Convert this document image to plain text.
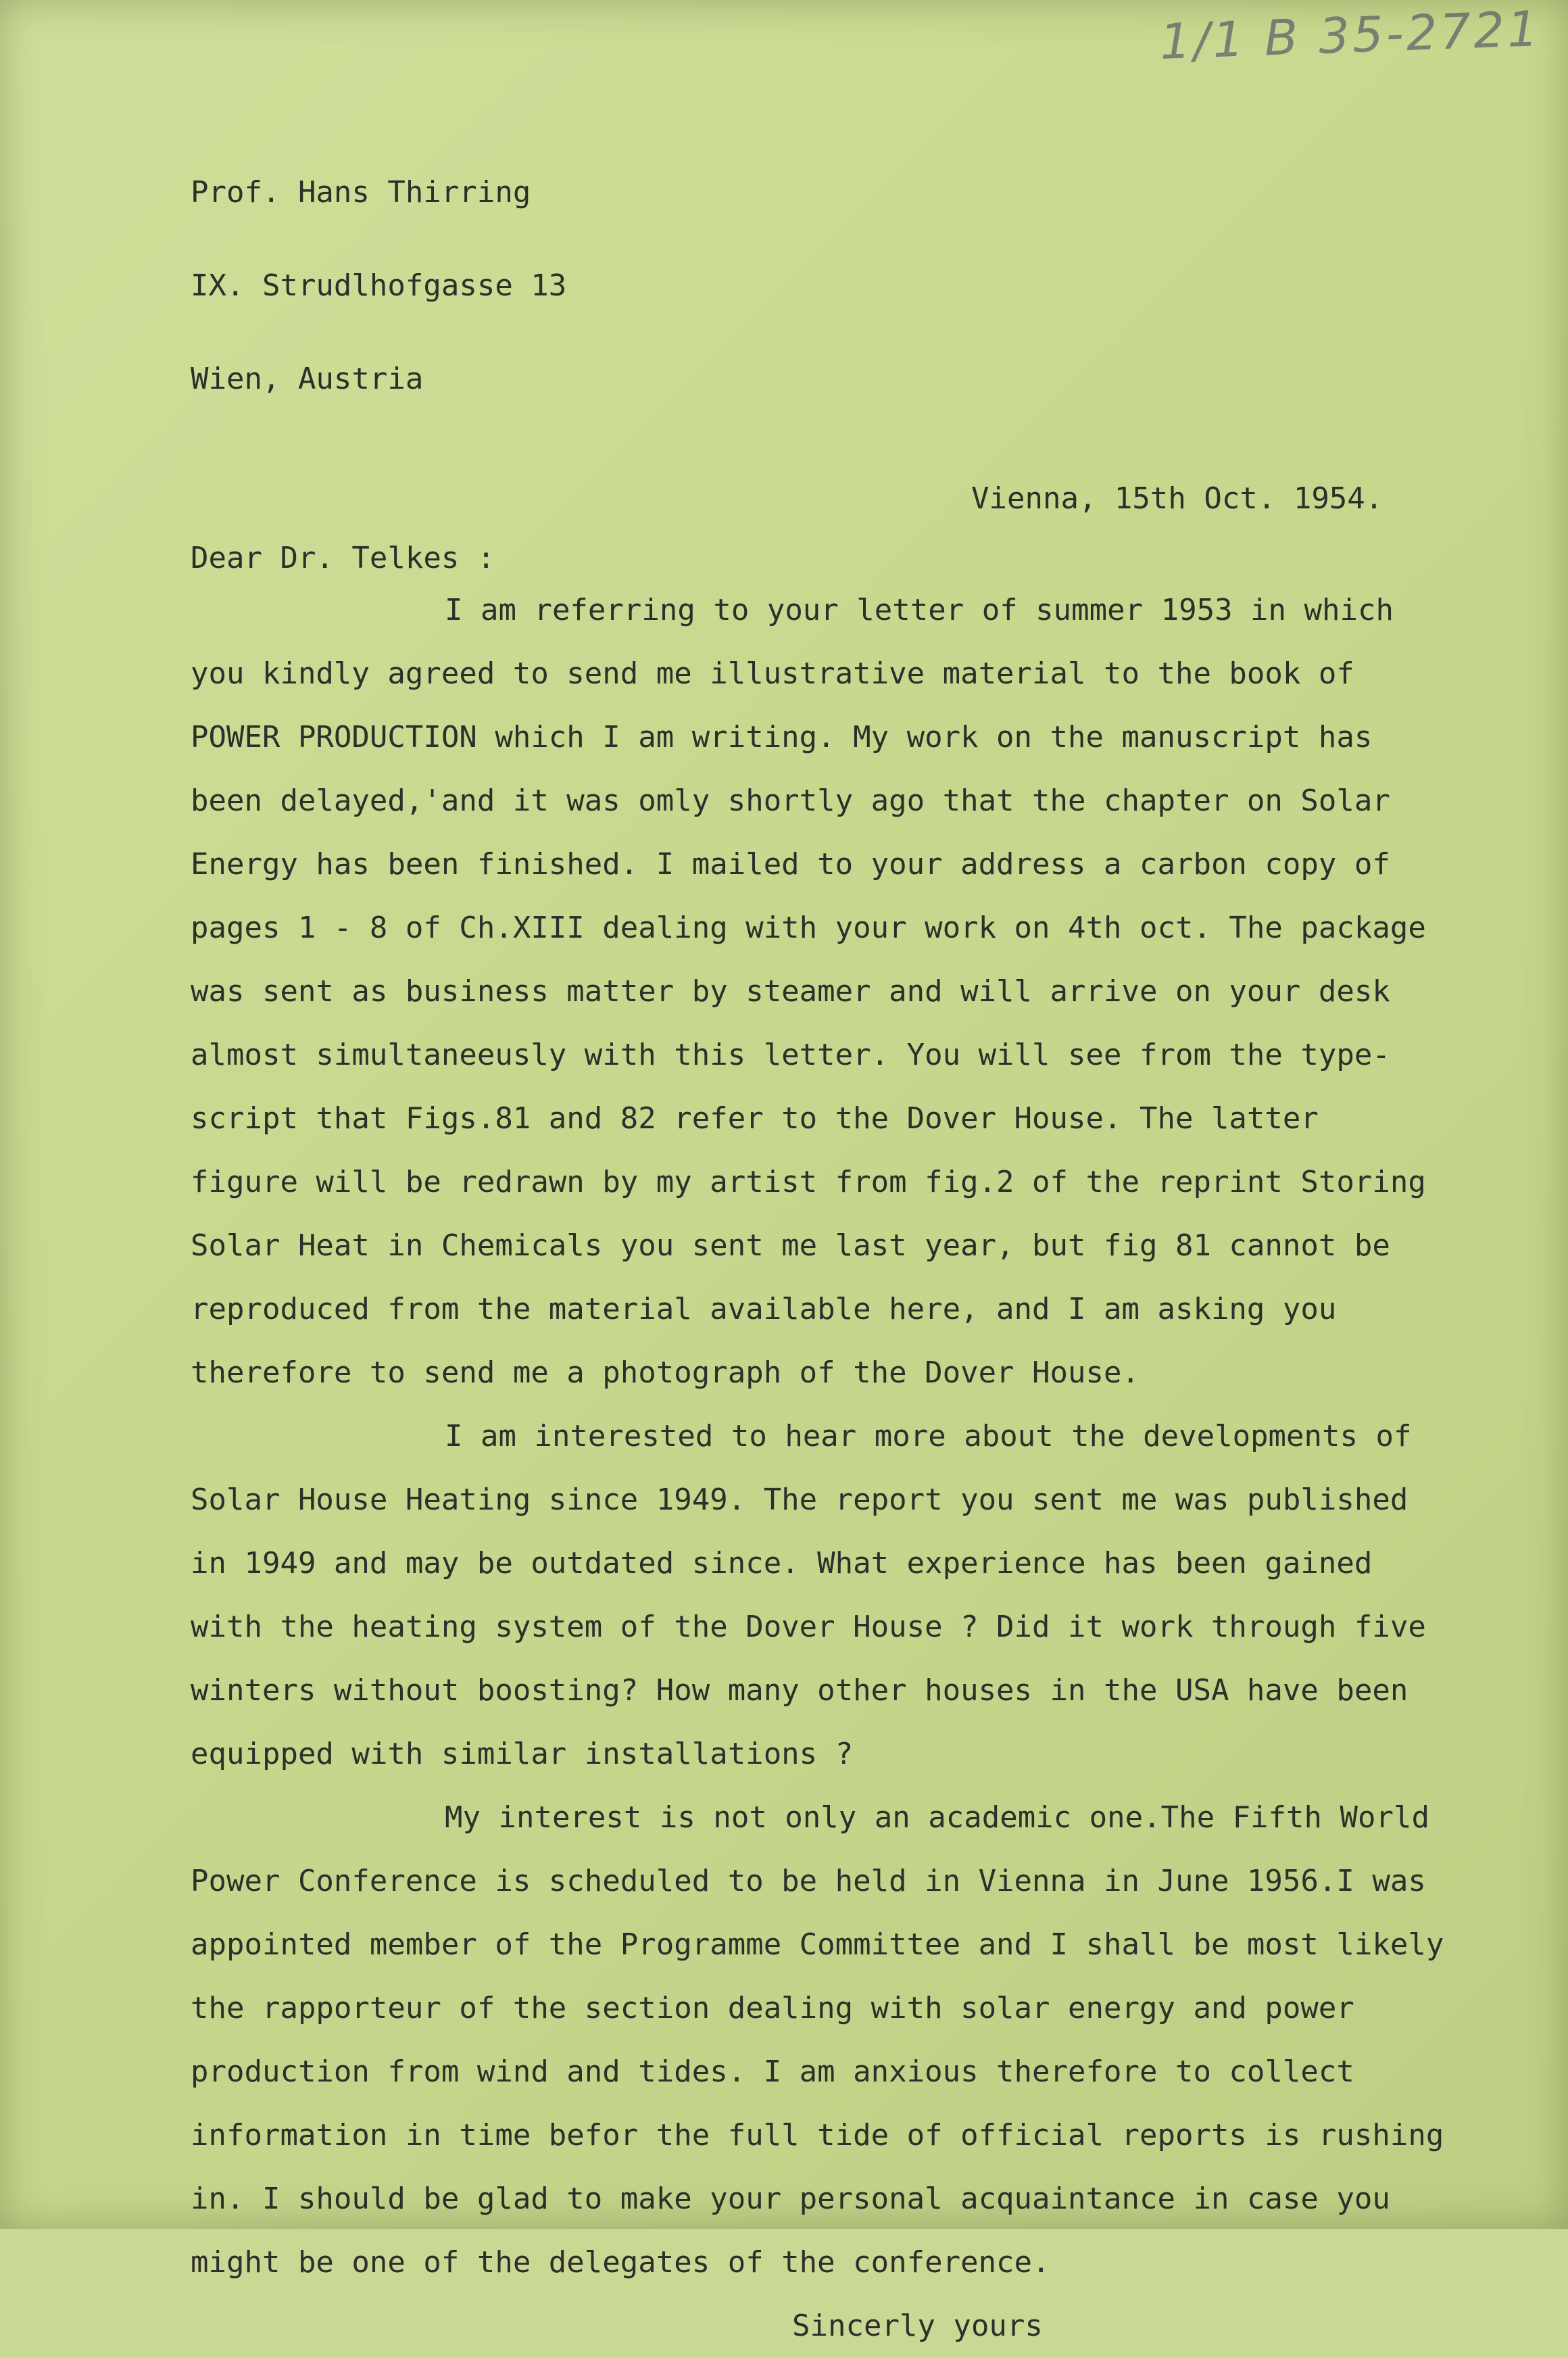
1/1 B 35-2721

Prof. Hans Thirring

IX. Strudlhofgasse 13

Wien, Austria

Vienna, 15th Oct. 1954.
Dear Dr. Telkes :
I am referring to your letter of summer 1953 in which
you kindly agreed to send me illustrative material to the book of
POWER PRODUCTION which I am writing. My work on the manuscript has
been delayed,'and it was omly shortly ago that the chapter on Solar
Energy has been finished. I mailed to your address a carbon copy of
pages 1 - 8 of Ch.XIII dealing with your work on 4th oct. The package
was sent as business matter by steamer and will arrive on your desk
almost simultaneeusly with this letter. You will see from the type-
script that Figs.81 and 82 refer to the Dover House. The latter
figure will be redrawn by my artist from fig.2 of the reprint Storing
Solar Heat in Chemicals you sent me last year, but fig 81 cannot be
reproduced from the material available here, and I am asking you
therefore to send me a photograph of the Dover House.
I am interested to hear more about the developments of
Solar House Heating since 1949. The report you sent me was published
in 1949 and may be outdated since. What experience has been gained
with the heating system of the Dover House ? Did it work through five
winters without boosting? How many other houses in the USA have been
equipped with similar installations ?
My interest is not only an academic one.The Fifth World
Power Conference is scheduled to be held in Vienna in June 1956.I was
appointed member of the Programme Committee and I shall be most likely
the rapporteur of the section dealing with solar energy and power
production from wind and tides. I am anxious therefore to collect
information in time befor the full tide of official reports is rushing
in. I should be glad to make your personal acquaintance in case you
might be one of the delegates of the conference.
Sincerly yours
